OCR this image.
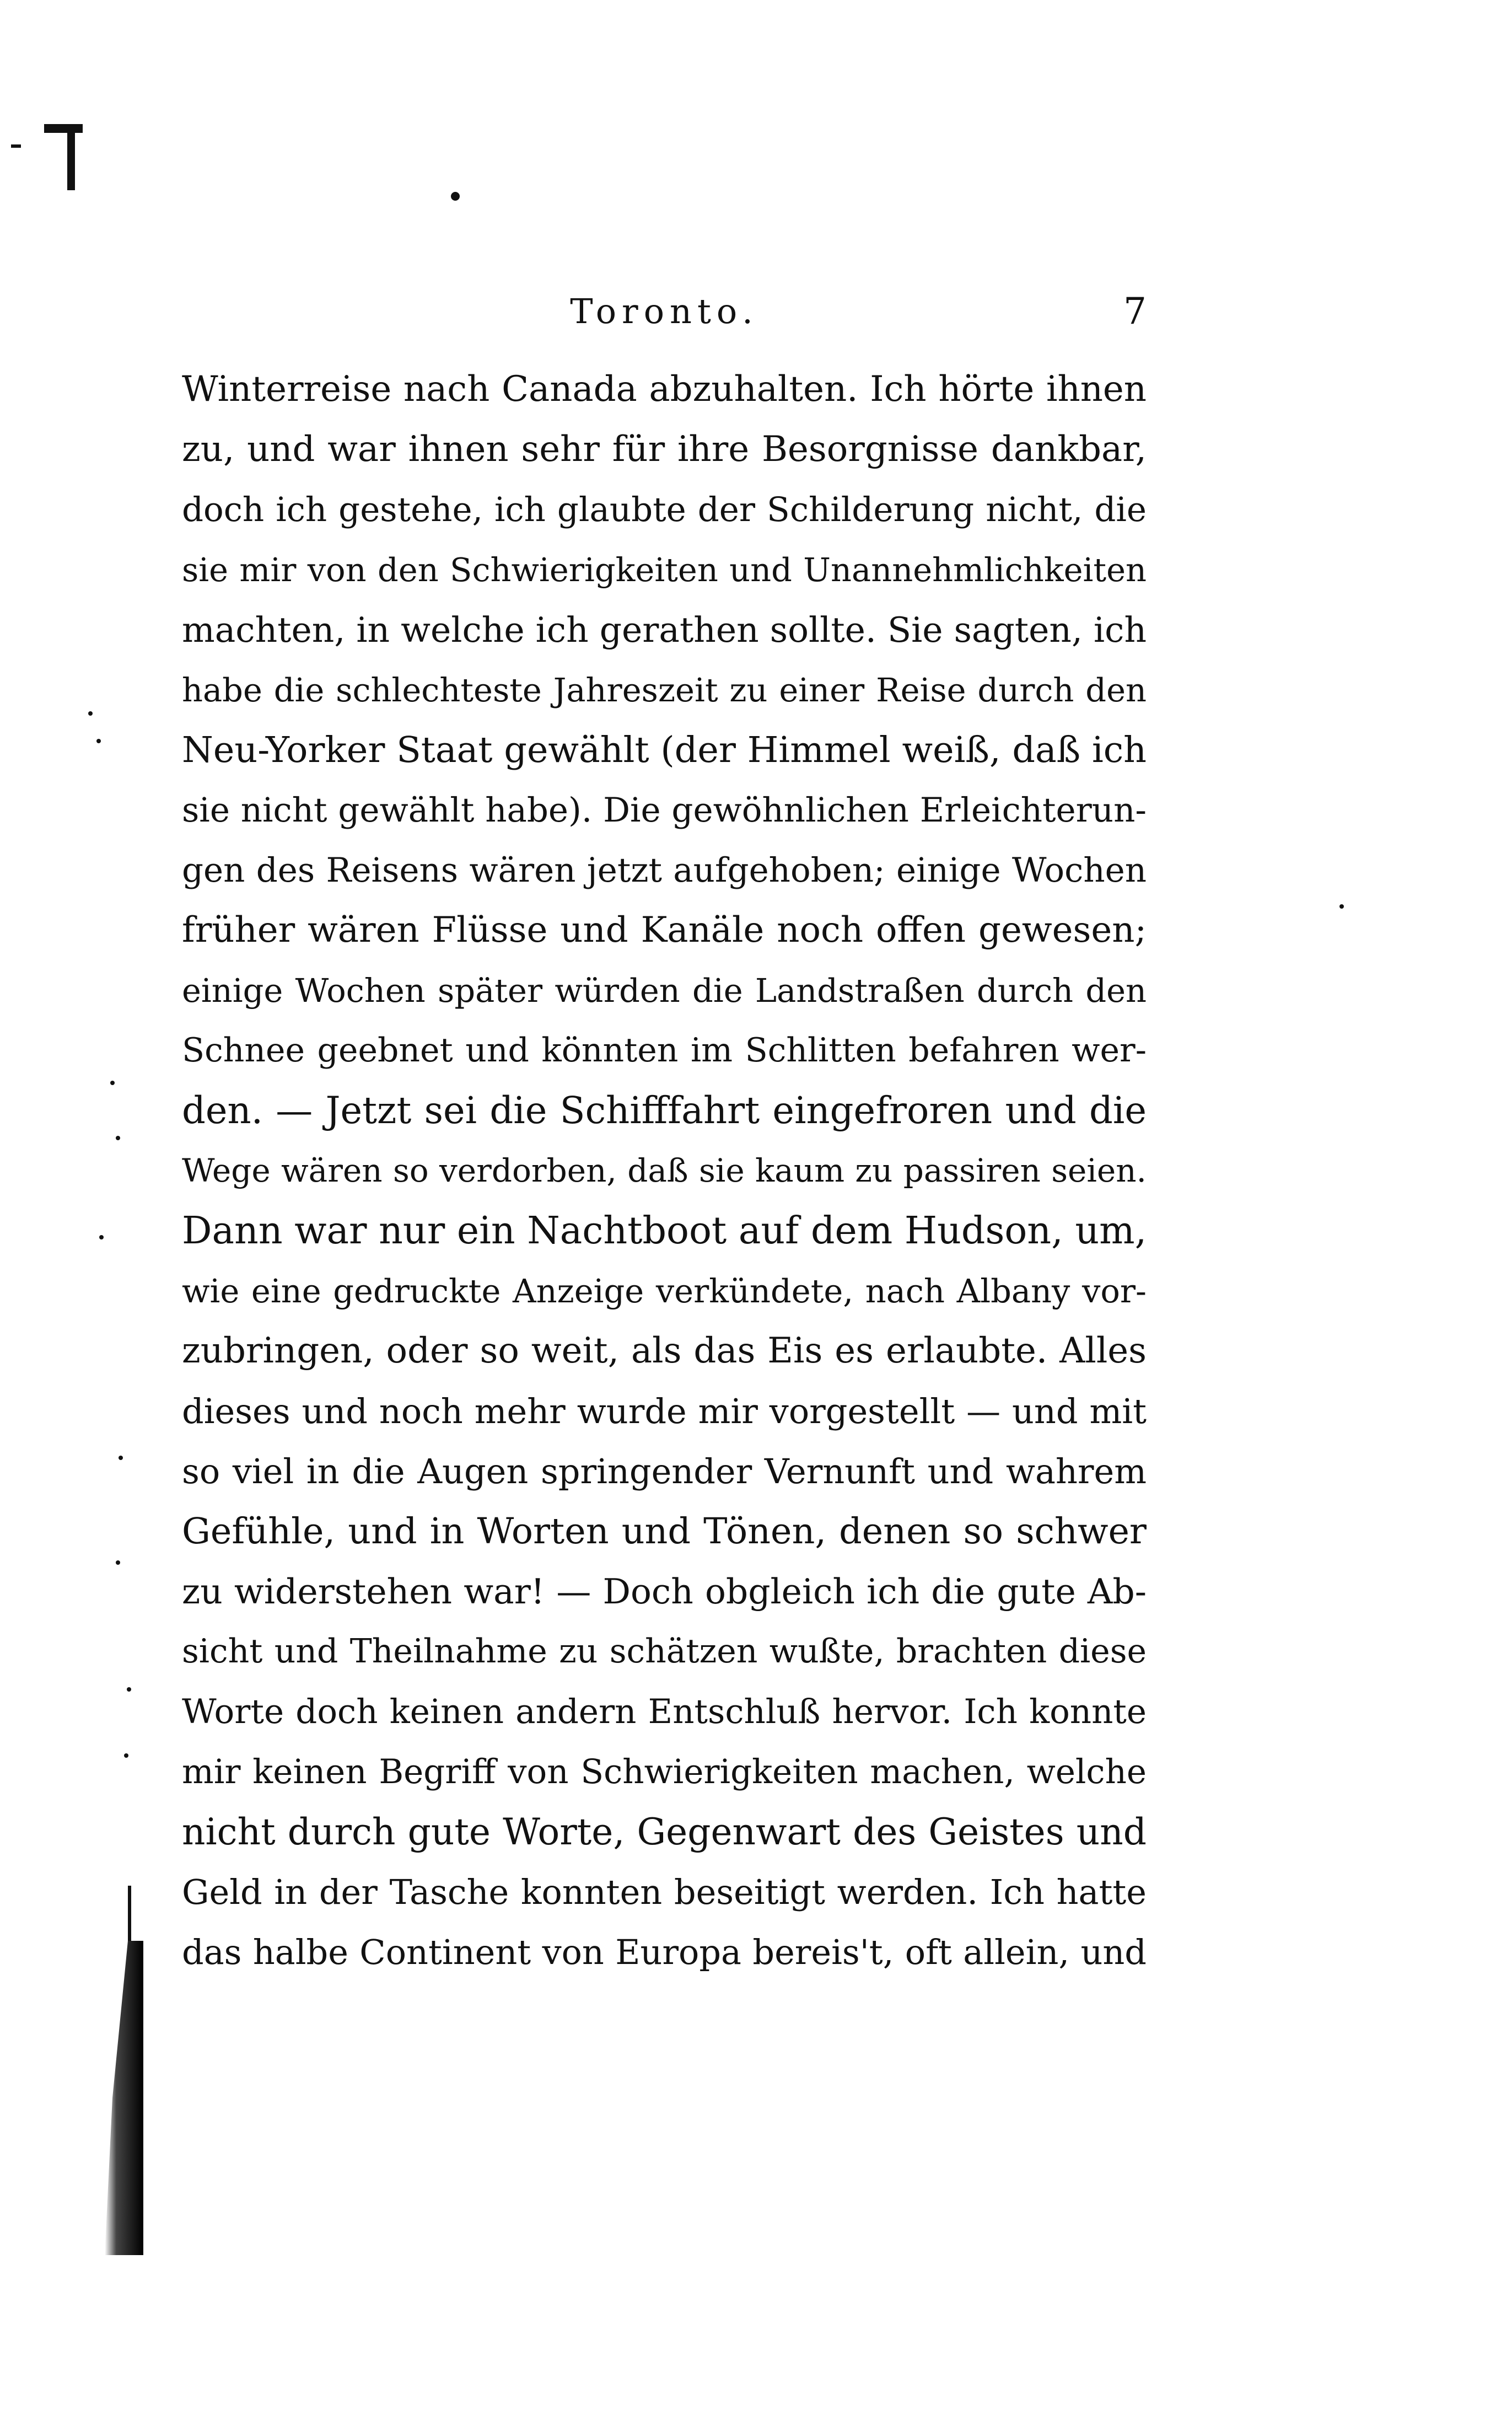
Toronto.	7
Winterreise nach Canada abzuhalten. Ich hörte ihnen
zu, und war ihnen sehr für ihre Besorgnisse dankbar,
doch ich gestehe, ich glaubte der Schilderung nicht, die
sie mir von den Schwierigkeiten und Unannehmlichkeiten
machten, in welche ich gerathen sollte. Sie sagten, ich
habe die schlechteste Jahreszeit zu einer Reise durch den
Neu-Yorker Staat gewählt (der Himmel weiß, daß ich
sie nicht gewählt habe). Die gewöhnlichen Erleichterun-
gen des Reisens wären jetzt aufgehoben; einige Wochen
früher wären Flüsse und Kanäle noch offen gewesen;
einige Wochen später würden die Landstraßen durch den
Schnee geebnet und könnten im Schlitten befahren wer-
den. — Jetzt sei die Schifffahrt eingefroren und die
Wege wären so verdorben, daß sie kaum zu passiren seien.
Dann war nur ein Nachtboot auf dem Hudson, um,
wie eine gedruckte Anzeige verkündete, nach Albany vor-
zubringen, oder so weit, als das Eis es erlaubte. Alles
dieses und noch mehr wurde mir vorgestellt — und mit
so viel in die Augen springender Vernunft und wahrem
Gefühle, und in Worten und Tönen, denen so schwer
zu widerstehen war! — Doch obgleich ich die gute Ab-
sicht und Theilnahme zu schätzen wußte, brachten diese
Worte doch keinen andern Entschluß hervor. Ich konnte
mir keinen Begriff von Schwierigkeiten machen, welche
nicht durch gute Worte, Gegenwart des Geistes und
Geld in der Tasche konnten beseitigt werden. Ich hatte
das halbe Continent von Europa bereis't, oft allein, und
